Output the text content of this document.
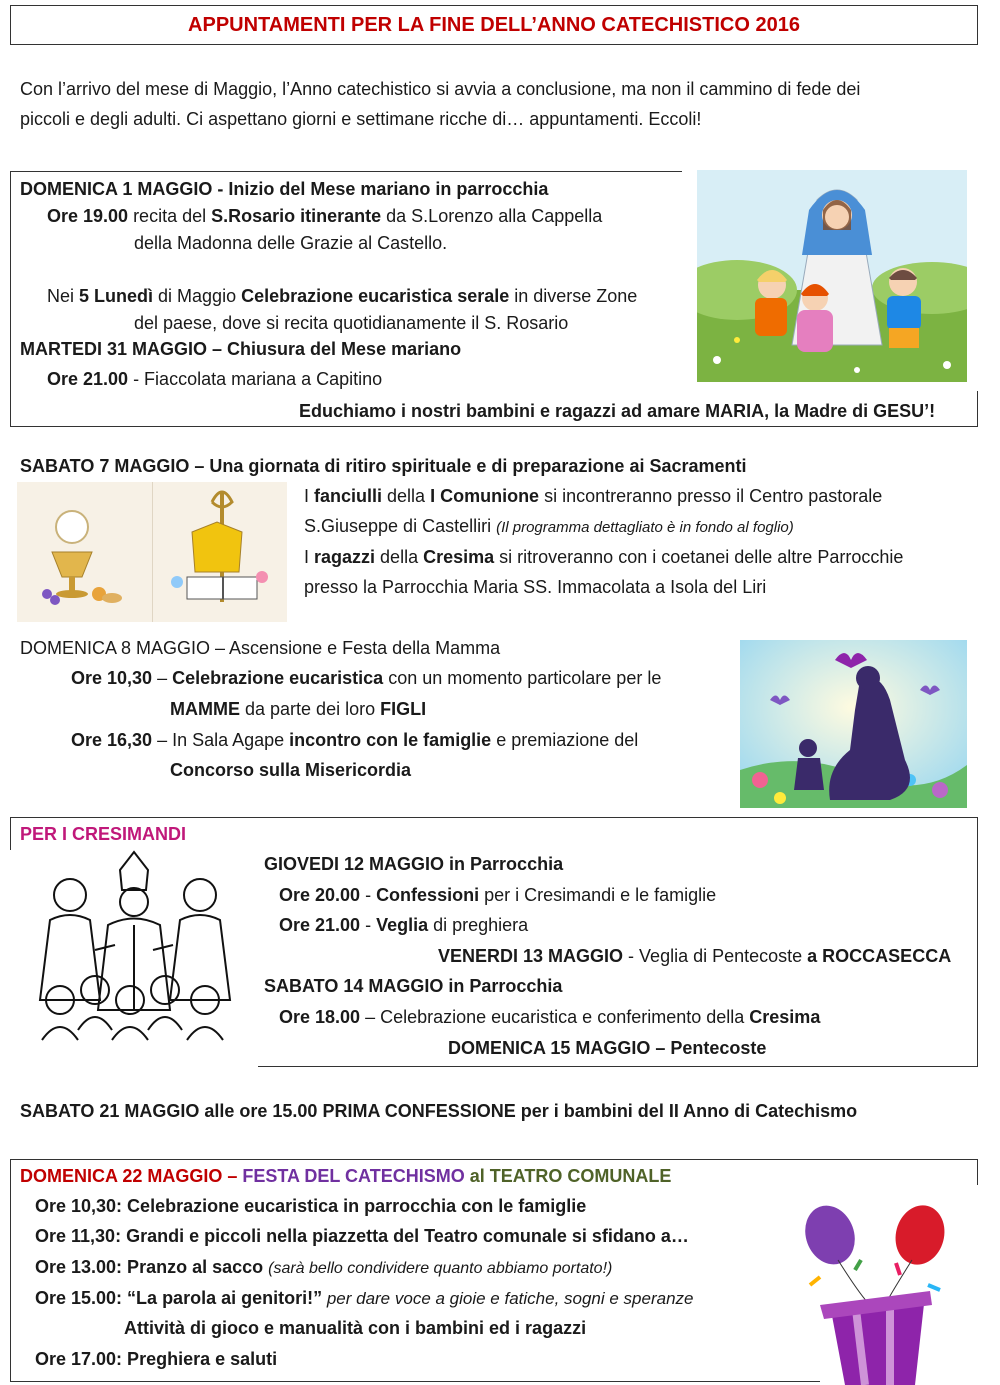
APPUNTAMENTI PER LA FINE DELL’ANNO CATECHISTICO 2016
Con l’arrivo del mese di Maggio, l’Anno catechistico si avvia a conclusione, ma non il cammino di fede dei
piccoli e degli adulti. Ci aspettano giorni e settimane ricche di… appuntamenti. Eccoli!
DOMENICA 1 MAGGIO - Inizio del Mese mariano in parrocchia
Ore 19.00 recita del S.Rosario itinerante da S.Lorenzo alla Cappella
della Madonna delle Grazie al Castello.
Nei 5 Lunedì di Maggio Celebrazione eucaristica serale in diverse Zone
del paese, dove si recita quotidianamente il S. Rosario
MARTEDI 31 MAGGIO – Chiusura del Mese mariano
Ore 21.00 - Fiaccolata mariana a Capitino
Educhiamo i nostri bambini e ragazzi ad amare MARIA, la Madre di GESU’!
SABATO 7 MAGGIO – Una giornata di ritiro spirituale e di preparazione ai Sacramenti
I fanciulli della I Comunione si incontreranno presso il Centro pastorale
S.Giuseppe di Castelliri (Il programma dettagliato è in fondo al foglio)
I ragazzi della Cresima si ritroveranno con i coetanei delle altre Parrocchie
presso la Parrocchia Maria SS. Immacolata a Isola del Liri
DOMENICA 8 MAGGIO – Ascensione e Festa della Mamma
Ore 10,30 – Celebrazione eucaristica con un momento particolare per le
MAMME da parte dei loro FIGLI
Ore 16,30 – In Sala Agape incontro con le famiglie e premiazione del
Concorso sulla Misericordia
PER I CRESIMANDI
GIOVEDI 12 MAGGIO in Parrocchia
Ore 20.00 - Confessioni per i Cresimandi e le famiglie
Ore 21.00 - Veglia di preghiera
VENERDI 13 MAGGIO - Veglia di Pentecoste a ROCCASECCA
SABATO 14 MAGGIO in Parrocchia
Ore 18.00 – Celebrazione eucaristica e conferimento della Cresima
DOMENICA 15 MAGGIO – Pentecoste
SABATO 21 MAGGIO alle ore 15.00 PRIMA CONFESSIONE per i bambini del II Anno di Catechismo
DOMENICA 22 MAGGIO – FESTA DEL CATECHISMO al TEATRO COMUNALE
Ore 10,30: Celebrazione eucaristica in parrocchia con le famiglie
Ore 11,30: Grandi e piccoli nella piazzetta del Teatro comunale si sfidano a…
Ore 13.00: Pranzo al sacco (sarà bello condividere quanto abbiamo portato!)
Ore 15.00: “La parola ai genitori!” per dare voce a gioie e fatiche, sogni e speranze
Attività di gioco e manualità con i bambini ed i ragazzi
Ore 17.00: Preghiera e saluti
